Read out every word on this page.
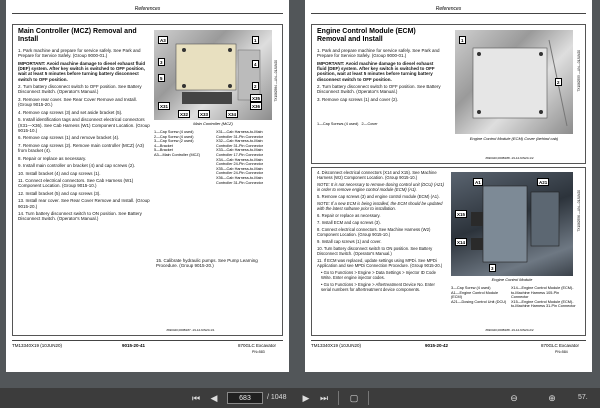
References
Main Controller (MCZ) Removal and Install

1. Park machine and prepare for service safely. See Park and Prepare for Service Safely. (Group 9000-01.)

IMPORTANT: Avoid machine damage to diesel exhaust fluid (DEF) system. After key switch is switched to OFF position, wait at least 5 minutes before turning battery disconnect switch to OFF position.

2. Turn battery disconnect switch to OFF position. See Battery Disconnect Switch. (Operator's Manual.)

3. Remove rear cover. See Rear Cover Remove and Install. (Group 9015-20.)

4. Remove cap screws (3) and set aside bracket (5).

5. Install identification tags and disconnect electrical connectors (X31—X36). See Cab Harness (W1) Component Location. (Group 9015-10.)

6. Remove cap screws (1) and remove bracket (4).

7. Remove cap screws (2). Remove main controller (MCZ) (A3) from bracket (4).

8. Repair or replace as necessary.

9. Install main controller on bracket (4) and cap screws (2).

10. Install bracket (4) and cap screws (1).

11. Connect electrical connectors. See Cab Harness (W1) Component Location. (Group 9015-10.)

12. Install bracket (5) and cap screws (3).

13. Install rear cover. See Rear Cover Remove and Install. (Group 9015-20.)

14. Turn battery disconnect switch to ON position. See Battery Disconnect Switch. (Operator's Manual.)

A3	1
3
5
4
2
X35
X36
X31
X32	X33	X34
TX1062584 —UN—01JUN20
Main Controller (MCZ)
1—Cap Screw (4 used)
2—Cap Screw (4 used)
3—Cap Screw (2 used)
4—Bracket
5—Bracket
A3—Main Controller (MCZ)
X31—Cab Harness-to-Main Controller 31-Pin Connector
X32—Cab Harness-to-Main Controller 31-Pin Connector
X33—Cab Harness-to-Main Controller 17-Pin Connector
X34—Cab Harness-to-Main Controller 24-Pin Connector
X35—Cab Harness-to-Main Controller 24-Pin Connector
X36—Cab Harness-to-Main Controller 31-Pin Connector
15. Calibrate hydraulic pumps. See Pump Learning Procedure. (Group 9015-20.)
JS90420,000B187 -19-12JUN20-1/1
TM13340X19 (10JUN20)	9015-20-41	870GLC Excavator
PN=583
References
Engine Control Module (ECM) Removal and Install

1. Park and prepare machine for service safely. See Park and Prepare for Service Safely. (Group 9000-01.)

IMPORTANT: Avoid machine damage to diesel exhaust fluid (DEF) system. After key switch is switched to OFF position, wait at least 5 minutes before turning battery disconnect switch to OFF position.

2. Turn battery disconnect switch to OFF position. See Battery Disconnect Switch. (Operator's Manual.)

3. Remove cap screws (1) and cover (2).

1—Cap Screws (4 used) 2—Cover
1
2	TX1062555 —UN—01JUN20
Engine Control Module (ECM) Cover (behind cab)
JS90420,000B188 -19-12JUN20-1/2

4. Disconnect electrical connectors (X14 and X15). See Machine Harness (W2) Component Location. (Group 9015-10.)

NOTE: It is not necessary to remove dosing control unit (DCU) (A21) in order to remove engine control module (ECM) (A1).

5. Remove cap screws (3) and engine control module (ECM) (A1).

NOTE: If a new ECM is being installed, the ECM should be updated with the latest software prior to installation.

6. Repair or replace as necessary.

7. Install ECM and cap screws (3).

8. Connect electrical connectors. See Machine Harness (W2) Component Location. (Group 9015-10.)

9. Install cap screws (1) and cover.

10. Turn battery disconnect switch to ON position. See Battery Disconnect Switch. (Operator's Manual.)

11. If ECM was replaced, update settings using MPDi. See MPDi Application and see MPDi Connection Procedure. (Group 9015-20.)

• Go to Functions > Engine > Data Settings > Injector ID Code Write. Enter engine injector codes.

• Go to Functions > Engine > Aftertreatment Device No. Enter serial numbers for aftertreatment device components.

A1	A21
X15
X14
3
TX1062556 —UN—01JUN20
Engine Control Module
3—Cap Screw (4 used)
A1—Engine Control Module (ECM)
A21—Dosing Control Unit (DCU)
X14—Engine Control Module (ECM)-to-Machine Harness 105-Pin Connector
X15—Engine Control Module (ECM)-to-Machine Harness 31-Pin Connector
JS90420,000B188 -19-12JUN20-2/2
TM13340X19 (10JUN20)	9015-20-42	870GLC Excavator
PN=584
⏮ ◀
683	/ 1048 ▶ ⏭ ▢	⊖	⊕	57.
